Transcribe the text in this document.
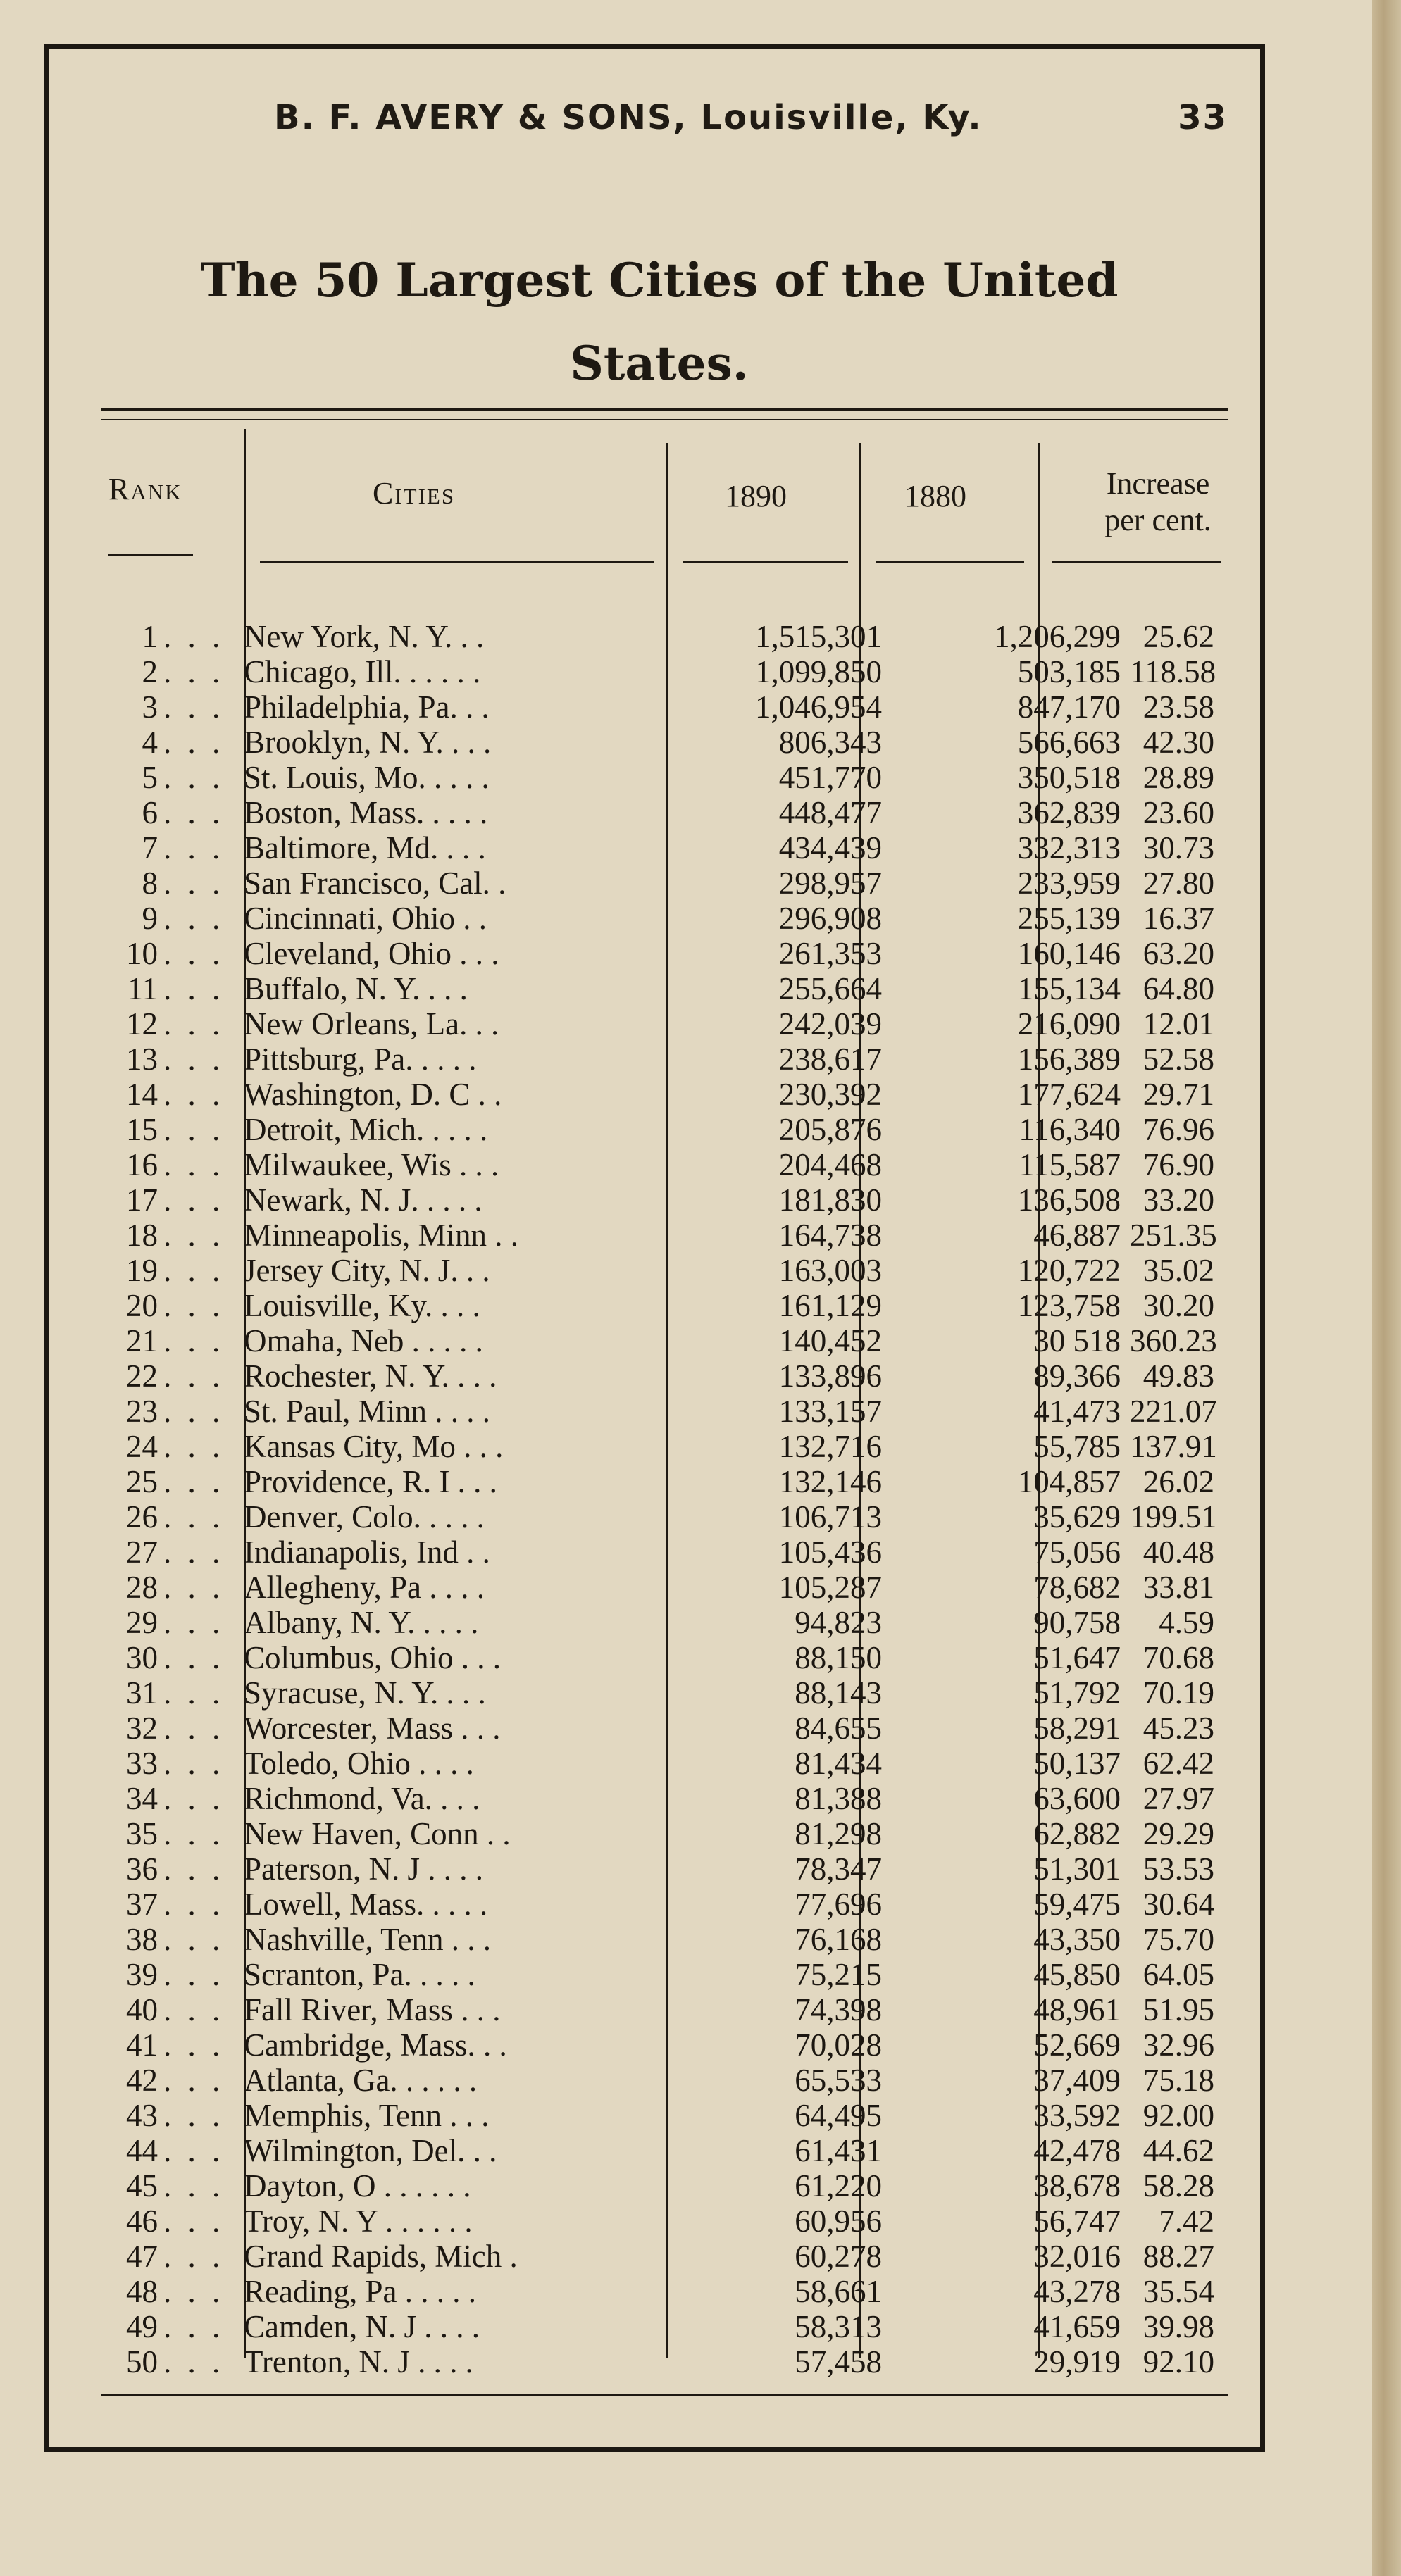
B. F. AVERY & SONS, Louisville, Ky.	33
The 50 Largest Cities of the United
States.
Rank	Cities	1890	1880	Increase
per cent.
1 . . . New York, N. Y. . .	1,515,301	1,206,299 25.62
2 . . . Chicago, Ill. . . . . .	1,099,850	503,185 118.58
3 . . . Philadelphia, Pa. . .	1,046,954	847,170 23.58
4 . . . Brooklyn, N. Y. . . .	806,343	566,663 42.30
5 . . . St. Louis, Mo. . . . .	451,770	350,518 28.89
6 . . . Boston, Mass. . . . .	448,477	362,839 23.60
7 . . . Baltimore, Md. . . .	434,439	332,313 30.73
8 . . . San Francisco, Cal. .	298,957	233,959 27.80
9 . . . Cincinnati, Ohio . .	296,908	255,139 16.37
10 . . . Cleveland, Ohio . . .	261,353	160,146 63.20
11 . . . Buffalo, N. Y. . . .	255,664	155,134 64.80
12 . . . New Orleans, La. . .	242,039	216,090 12.01
13 . . . Pittsburg, Pa. . . . .	238,617	156,389 52.58
14 . . . Washington, D. C . .	230,392	177,624 29.71
15 . . . Detroit, Mich. . . . .	205,876	116,340 76.96
16 . . . Milwaukee, Wis . . .	204,468	115,587 76.90
17 . . . Newark, N. J. . . . .	181,830	136,508 33.20
18 . . . Minneapolis, Minn . .	164,738	46,887 251.35
19 . . . Jersey City, N. J. . .	163,003	120,722 35.02
20 . . . Louisville, Ky. . . .	161,129	123,758 30.20
21 . . . Omaha, Neb . . . . .	140,452	30 518 360.23
22 . . . Rochester, N. Y. . . .	133,896	89,366 49.83
23 . . . St. Paul, Minn . . . .	133,157	41,473 221.07
24 . . . Kansas City, Mo . . .	132,716	55,785 137.91
25 . . . Providence, R. I . . .	132,146	104,857 26.02
26 . . . Denver, Colo. . . . .	106,713	35,629 199.51
27 . . . Indianapolis, Ind . .	105,436	75,056 40.48
28 . . . Allegheny, Pa . . . .	105,287	78,682 33.81
29 . . . Albany, N. Y. . . . .	94,823	90,758	4.59
30 . . . Columbus, Ohio . . .	88,150	51,647 70.68
31 . . . Syracuse, N. Y. . . .	88,143	51,792 70.19
32 . . . Worcester, Mass . . .	84,655	58,291 45.23
33 . . . Toledo, Ohio . . . .	81,434	50,137 62.42
34 . . . Richmond, Va. . . .	81,388	63,600 27.97
35 . . . New Haven, Conn . .	81,298	62,882 29.29
36 . . . Paterson, N. J . . . .	78,347	51,301 53.53
37 . . . Lowell, Mass. . . . .	77,696	59,475 30.64
38 . . . Nashville, Tenn . . .	76,168	43,350 75.70
39 . . . Scranton, Pa. . . . .	75,215	45,850 64.05
40 . . . Fall River, Mass . . .	74,398	48,961 51.95
41 . . . Cambridge, Mass. . .	70,028	52,669 32.96
42 . . . Atlanta, Ga. . . . . .	65,533	37,409 75.18
43 . . . Memphis, Tenn . . .	64,495	33,592 92.00
44 . . . Wilmington, Del. . .	61,431	42,478 44.62
45 . . . Dayton, O . . . . . .	61,220	38,678 58.28
46 . . . Troy, N. Y . . . . . .	60,956	56,747	7.42
47 . . . Grand Rapids, Mich .	60,278	32,016 88.27
48 . . . Reading, Pa . . . . .	58,661	43,278 35.54
49 . . . Camden, N. J . . . .	58,313	41,659 39.98
50 . . . Trenton, N. J . . . .	57,458	29,919 92.10
